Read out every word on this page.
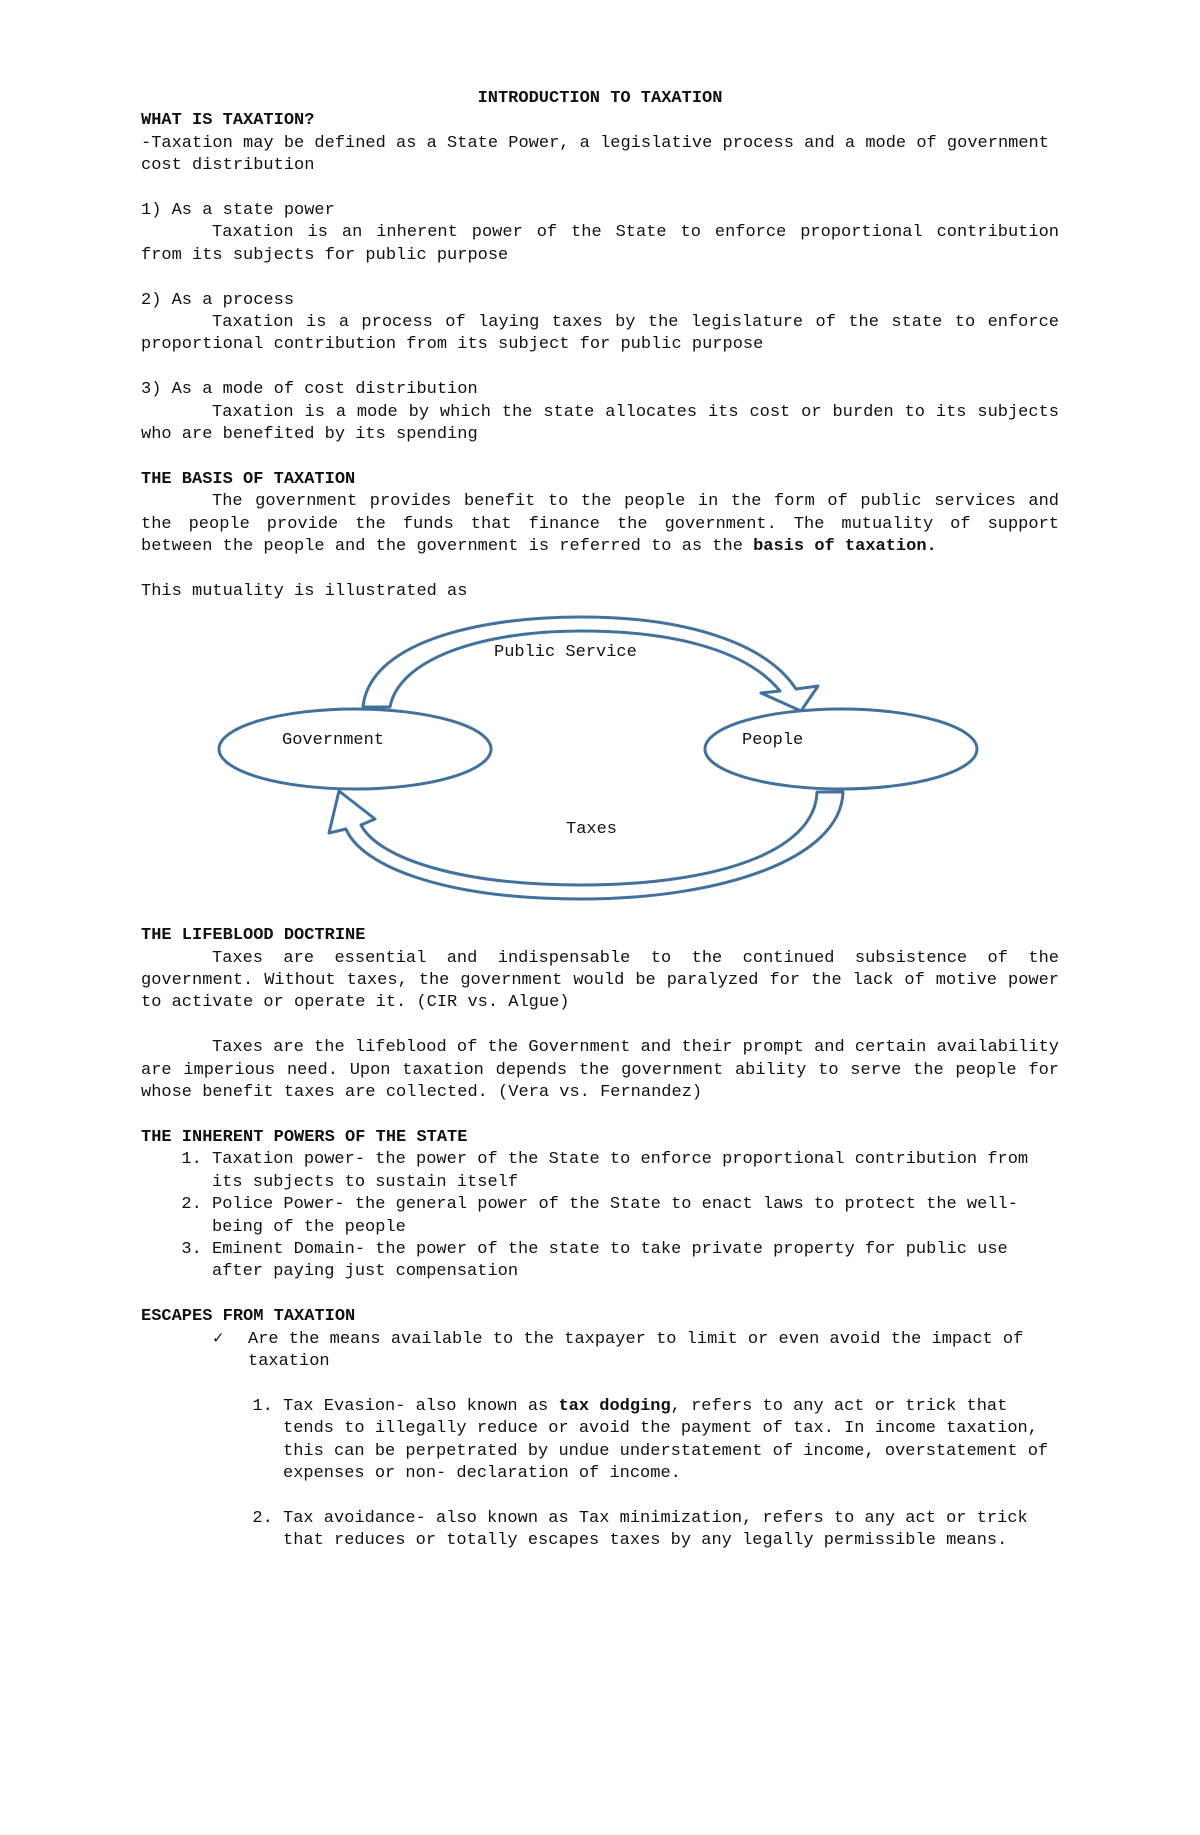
INTRODUCTION TO TAXATION

WHAT IS TAXATION?

-Taxation may be defined as a State Power, a legislative process and a mode of government cost distribution

1) As a state power

Taxation is an inherent power of the State to enforce proportional contribution from its subjects for public purpose

2) As a process

Taxation is a process of laying taxes by the legislature of the state to enforce proportional contribution from its subject for public purpose

3) As a mode of cost distribution

Taxation is a mode by which the state allocates its cost or burden to its subjects who are benefited by its spending

THE BASIS OF TAXATION

The government provides benefit to the people in the form of public services and the people provide the funds that finance the government. The mutuality of support between the people and the government is referred to as the basis of taxation.

This mutuality is illustrated as

Public Service
Government	People
Taxes

THE LIFEBLOOD DOCTRINE

Taxes are essential and indispensable to the continued subsistence of the government. Without taxes, the government would be paralyzed for the lack of motive power to activate or operate it. (CIR vs. Algue)

Taxes are the lifeblood of the Government and their prompt and certain availability are imperious need. Upon taxation depends the government ability to serve the people for whose benefit taxes are collected. (Vera vs. Fernandez)

THE INHERENT POWERS OF THE STATE

1. Taxation power- the power of the State to enforce proportional contribution from its subjects to sustain itself
2. Police Power- the general power of the State to enact laws to protect the well-being of the people
3. Eminent Domain- the power of the state to take private property for public use after paying just compensation

ESCAPES FROM TAXATION

✓ Are the means available to the taxpayer to limit or even avoid the impact of taxation
1. Tax Evasion- also known as tax dodging, refers to any act or trick that tends to illegally reduce or avoid the payment of tax. In income taxation, this can be perpetrated by undue understatement of income, overstatement of expenses or non- declaration of income.
2. Tax avoidance- also known as Tax minimization, refers to any act or trick that reduces or totally escapes taxes by any legally permissible means.
